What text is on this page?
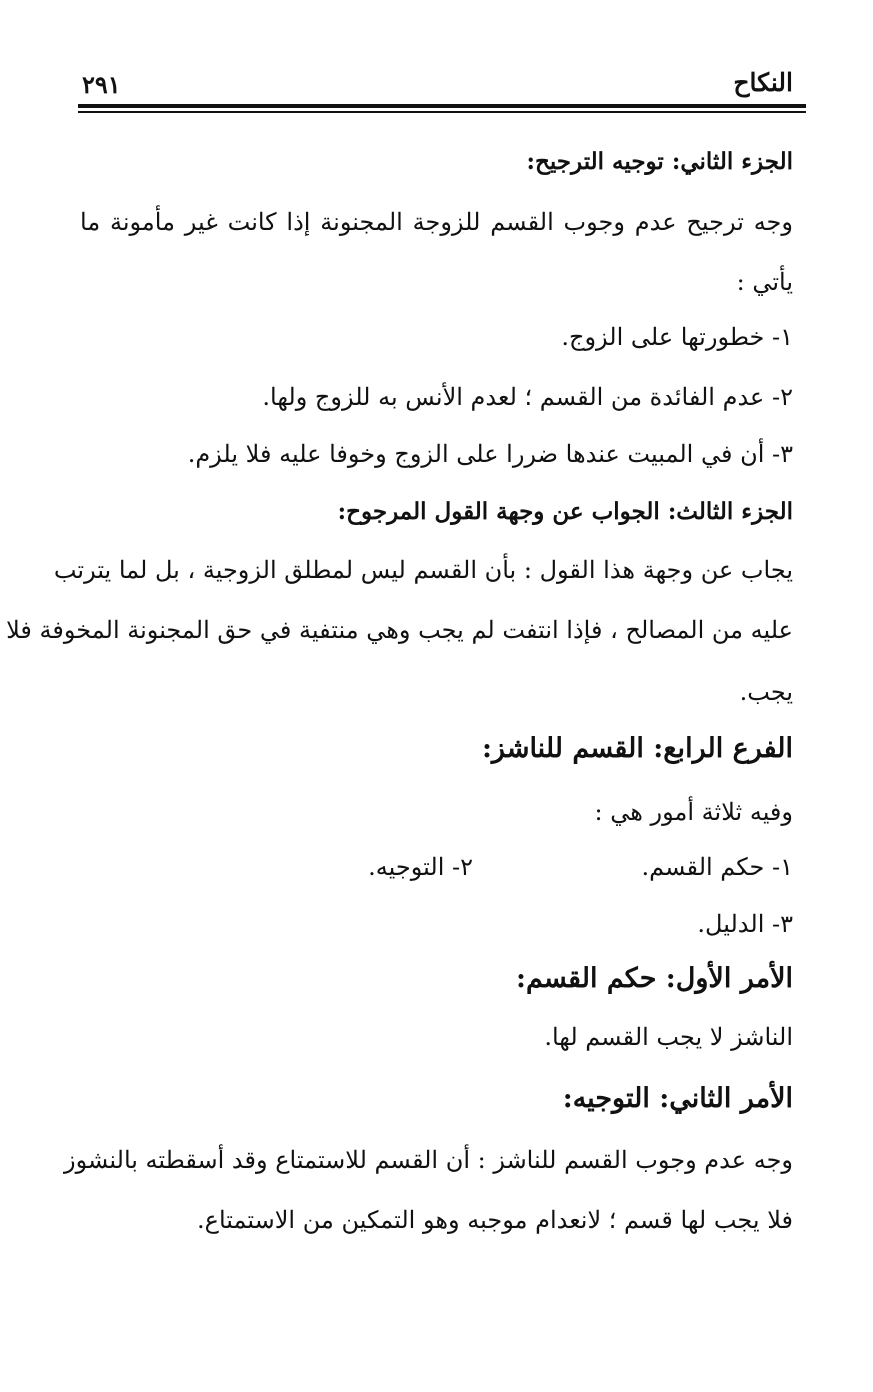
النكاح
٢٩١
الجزء الثاني: توجيه الترجيح:
وجه ترجيح عدم وجوب القسم للزوجة المجنونة إذا كانت غير مأمونة ما
يأتي :
١- خطورتها على الزوج.
٢- عدم الفائدة من القسم ؛ لعدم الأنس به للزوج ولها.
٣- أن في المبيت عندها ضررا على الزوج وخوفا عليه فلا يلزم.
الجزء الثالث: الجواب عن وجهة القول المرجوح:
يجاب عن وجهة هذا القول : بأن القسم ليس لمطلق الزوجية ، بل لما يترتب
عليه من المصالح ، فإذا انتفت لم يجب وهي منتفية في حق المجنونة المخوفة فلا
يجب.
الفرع الرابع: القسم للناشز:
وفيه ثلاثة أمور هي :
١- حكم القسم.
٢- التوجيه.
٣- الدليل.
الأمر الأول: حكم القسم:
الناشز لا يجب القسم لها.
الأمر الثاني: التوجيه:
وجه عدم وجوب القسم للناشز : أن القسم للاستمتاع وقد أسقطته بالنشوز
فلا يجب لها قسم ؛ لانعدام موجبه وهو التمكين من الاستمتاع.
